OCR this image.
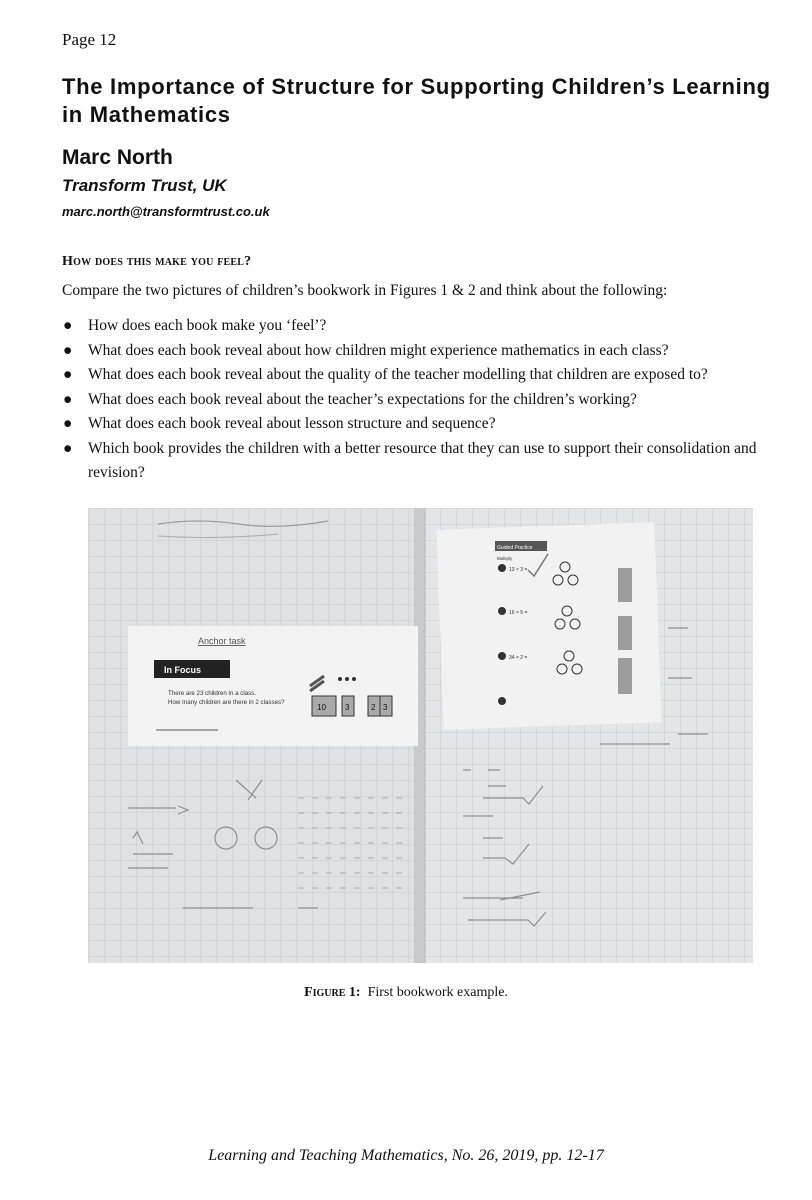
Page 12
The Importance of Structure for Supporting Children’s Learning in Mathematics
Marc North
Transform Trust, UK
marc.north@transformtrust.co.uk
How does this make you feel?
Compare the two pictures of children’s bookwork in Figures 1 & 2 and think about the following:
● How does each book make you ‘feel’?
● What does each book reveal about how children might experience mathematics in each class?
● What does each book reveal about the quality of the teacher modelling that children are exposed to?
● What does each book reveal about the teacher’s expectations for the children’s working?
● What does each book reveal about lesson structure and sequence?
● Which book provides the children with a better resource that they can use to support their consolidation and revision?
Anchor task
In Focus
There are 23 children in a class.
How many children are there in 2 classes?
10 3	2 3
Guided Practice
Multiply
13 × 3 =
16 × 5 =
34 × 2 =
Figure 1: First bookwork example.
Learning and Teaching Mathematics, No. 26, 2019, pp. 12-17
